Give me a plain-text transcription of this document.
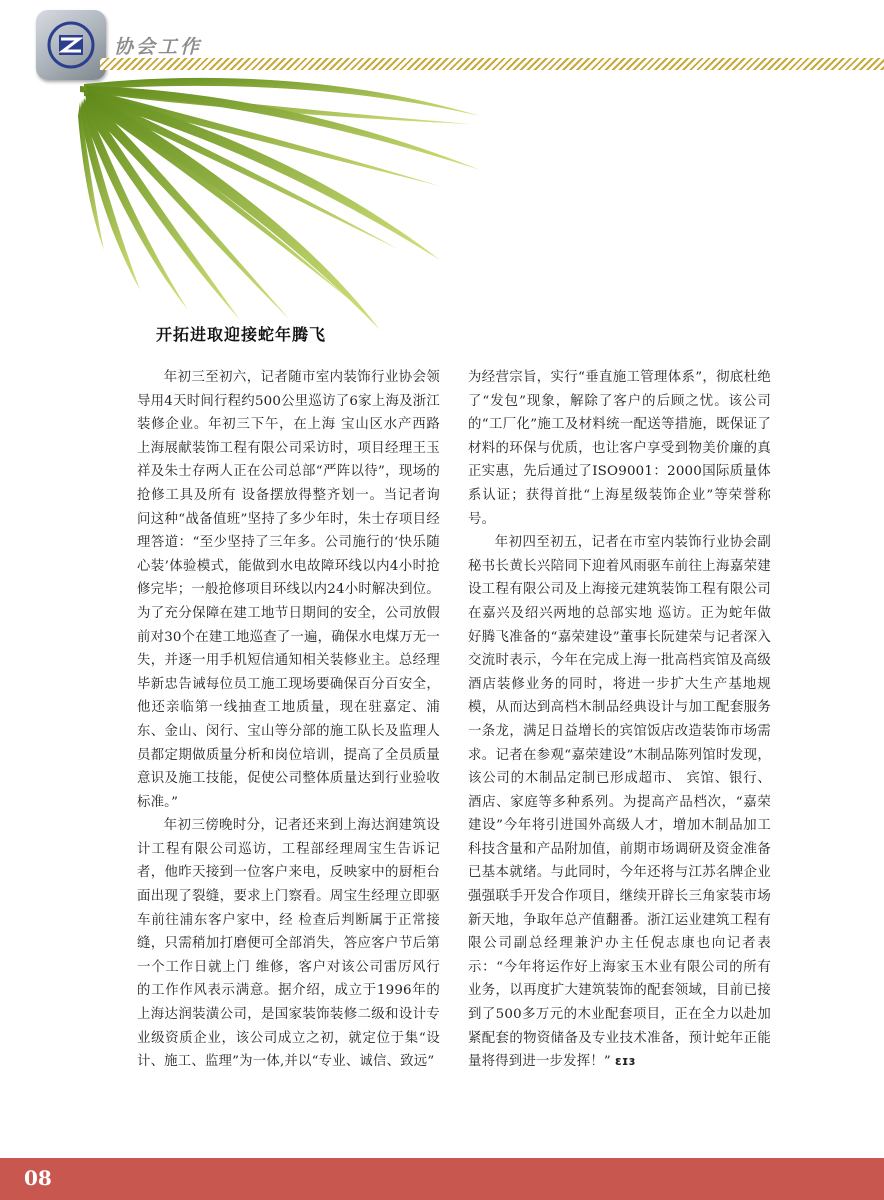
协会工作
开拓进取迎接蛇年腾飞

年初三至初六，记者随市室内装饰行业协会领导用4天时间行程约500公里巡访了6家上海及浙江装修企业。年初三下午，在上海 宝山区水产西路上海展献装饰工程有限公司采访时，项目经理王玉祥及朱士存两人正在公司总部“严阵以待”，现场的抢修工具及所有 设备摆放得整齐划一。当记者询问这种“战备值班”坚持了多少年时，朱士存项目经理答道：“至少坚持了三年多。公司施行的‘快乐随心装’体验模式，能做到水电故障环线以内4小时抢修完毕；一般抢修项目环线以内24小时解决到位。

为了充分保障在建工地节日期间的安全，公司放假前对30个在建工地巡查了一遍，确保水电煤万无一失，并逐一用手机短信通知相关装修业主。总经理毕新忠告诫每位员工施工现场要确保百分百安全，他还亲临第一线抽查工地质量，现在驻嘉定、浦东、金山、闵行、宝山等分部的施工队长及监理人员都定期做质量分析和岗位培训，提高了全员质量意识及施工技能，促使公司整体质量达到行业验收标准。”

年初三傍晚时分，记者还来到上海达润建筑设计工程有限公司巡访，工程部经理周宝生告诉记者，他昨天接到一位客户来电，反映家中的厨柜台面出现了裂缝，要求上门察看。周宝生经理立即驱车前往浦东客户家中，经 检查后判断属于正常接缝，只需稍加打磨便可全部消失，答应客户节后第一个工作日就上门 维修，客户对该公司雷厉风行的工作作风表示满意。据介绍，成立于1996年的上海达润装潢公司，是国家装饰装修二级和设计专业级资质企业，该公司成立之初，就定位于集“设计、施工、监理”为一体,并以“专业、诚信、致远”

为经营宗旨，实行“垂直施工管理体系”，彻底杜绝了“发包”现象，解除了客户的后顾之忧。该公司的“工厂化”施工及材料统一配送等措施，既保证了材料的环保与优质，也让客户享受到物美价廉的真正实惠，先后通过了ISO9001：2000国际质量体系认证；获得首批“上海星级装饰企业”等荣誉称号。

年初四至初五，记者在市室内装饰行业协会副秘书长黄长兴陪同下迎着风雨驱车前往上海嘉荣建设工程有限公司及上海接元建筑装饰工程有限公司在嘉兴及绍兴两地的总部实地 巡访。正为蛇年做好腾飞准备的“嘉荣建设”董事长阮建荣与记者深入交流时表示，今年在完成上海一批高档宾馆及高级酒店装修业务的同时，将进一步扩大生产基地规模，从而达到高档木制品经典设计与加工配套服务一条龙，满足日益增长的宾馆饭店改造装饰市场需求。记者在参观“嘉荣建设”木制品陈列馆时发现，该公司的木制品定制已形成超市、 宾馆、银行、酒店、家庭等多种系列。为提高产品档次，“嘉荣建设”今年将引进国外高级人才，增加木制品加工科技含量和产品附加值，前期市场调研及资金准备已基本就绪。与此同时，今年还将与江苏名牌企业强强联手开发合作项目，继续开辟长三角家装市场新天地，争取年总产值翻番。浙江运业建筑工程有限公司副总经理兼沪办主任倪志康也向记者表示：“今年将运作好上海家玉木业有限公司的所有业务，以再度扩大建筑装饰的配套领域，目前已接到了500多万元的木业配套项目，正在全力以赴加紧配套的物资储备及专业技术准备，预计蛇年正能量将得到进一步发挥！” ɛɪɜ

08
